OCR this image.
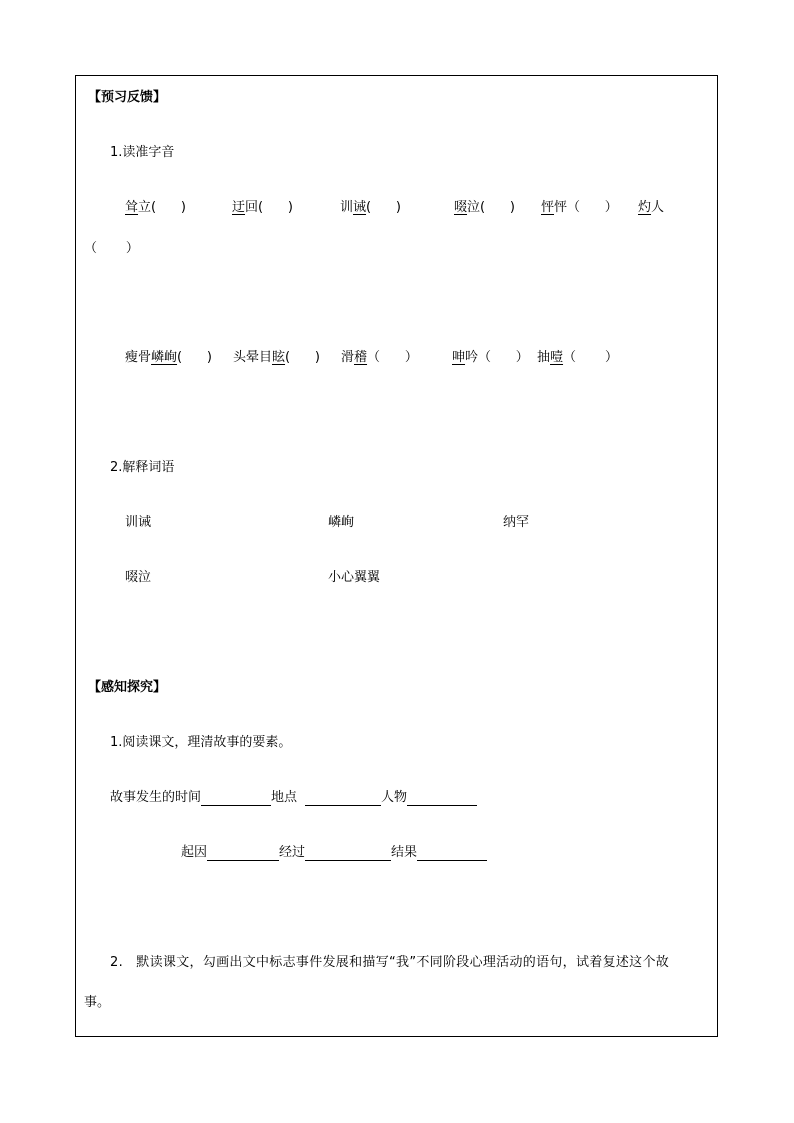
【预习反馈】
1.读准字音
耸立(      )	迂回(      )	训诫(      )	啜泣(      ) 怦怦（      ） 灼人
（       ）
瘦骨嶙峋(      ) 头晕目眩(      ) 滑稽（      ）	呻吟（      ） 抽噎（       ）
2.解释词语
训诫	嶙峋	纳罕
啜泣	小心翼翼
【感知探究】
1.阅读课文，理清故事的要素。
故事发生的时间	地点	人物
起因	经过	结果
2.   默读课文，勾画出文中标志事件发展和描写“我”不同阶段心理活动的语句，试着复述这个故
事。
